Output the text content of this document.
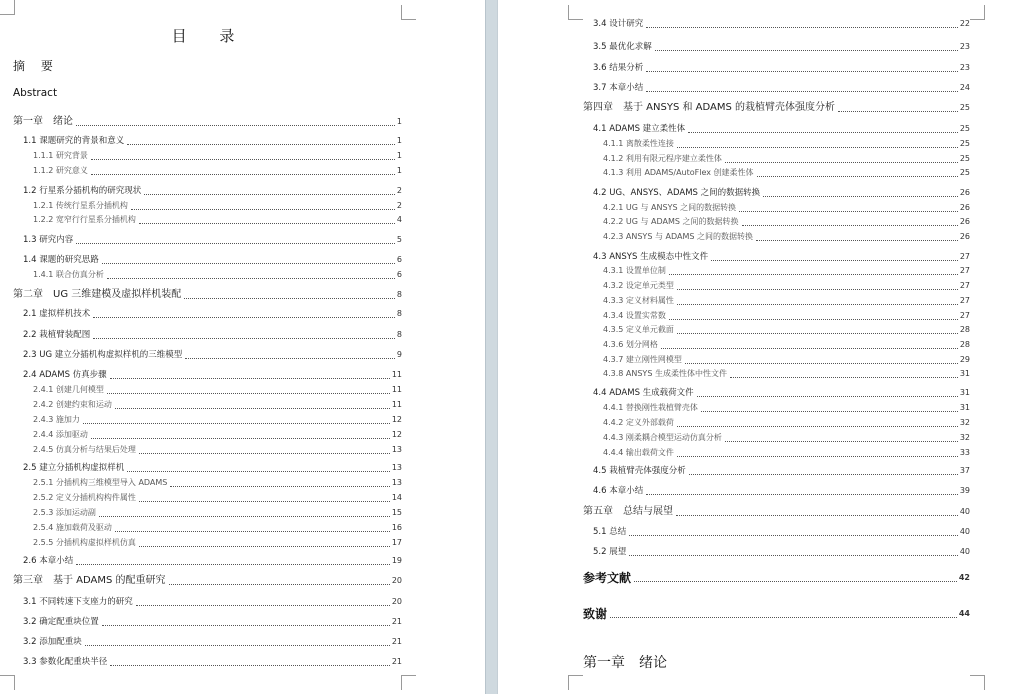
目 录
摘 要
Abstract
第一章　绪论	1
1.1 课题研究的背景和意义	1
1.1.1 研究背景	1
1.1.2 研究意义	1
1.2 行星系分插机构的研究现状	2
1.2.1 传统行星系分插机构	2
1.2.2 宽窄行行星系分插机构	4
1.3 研究内容	5
1.4 课题的研究思路	6
1.4.1 联合仿真分析	6
第二章　UG 三维建模及虚拟样机装配	8
2.1 虚拟样机技术	8
2.2 栽植臂装配图	8
2.3 UG 建立分插机构虚拟样机的三维模型	9
2.4 ADAMS 仿真步骤	11
2.4.1 创建几何模型	11
2.4.2 创建约束和运动	11
2.4.3 施加力	12
2.4.4 添加驱动	12
2.4.5 仿真分析与结果后处理	13
2.5 建立分插机构虚拟样机	13
2.5.1 分插机构三维模型导入 ADAMS	13
2.5.2 定义分插机构构件属性	14
2.5.3 添加运动副	15
2.5.4 施加载荷及驱动	16
2.5.5 分插机构虚拟样机仿真	17
2.6 本章小结	19
第三章　基于 ADAMS 的配重研究	20
3.1 不同转速下支座力的研究	20
3.2 确定配重块位置	21
3.2 添加配重块	21
3.3 参数化配重块半径	21
3.4 设计研究	22
3.5 最优化求解	23
3.6 结果分析	23
3.7 本章小结	24
第四章　基于 ANSYS 和 ADAMS 的栽植臂壳体强度分析	25
4.1 ADAMS 建立柔性体	25
4.1.1 离散柔性连接	25
4.1.2 利用有限元程序建立柔性体	25
4.1.3 利用 ADAMS/AutoFlex 创建柔性体	25
4.2 UG、ANSYS、ADAMS 之间的数据转换	26
4.2.1 UG 与 ANSYS 之间的数据转换	26
4.2.2 UG 与 ADAMS 之间的数据转换	26
4.2.3 ANSYS 与 ADAMS 之间的数据转换	26
4.3 ANSYS 生成模态中性文件	27
4.3.1 设置单位制	27
4.3.2 设定单元类型	27
4.3.3 定义材料属性	27
4.3.4 设置实常数	27
4.3.5 定义单元截面	28
4.3.6 划分网格	28
4.3.7 建立刚性网模型	29
4.3.8 ANSYS 生成柔性体中性文件	31
4.4 ADAMS 生成载荷文件	31
4.4.1 替换刚性栽植臂壳体	31
4.4.2 定义外部载荷	32
4.4.3 刚柔耦合模型运动仿真分析	32
4.4.4 输出载荷文件	33
4.5 栽植臂壳体强度分析	37
4.6 本章小结	39
第五章　总结与展望	40
5.1 总结	40
5.2 展望	40
参考文献	42
致谢	44
第一章　绪论
